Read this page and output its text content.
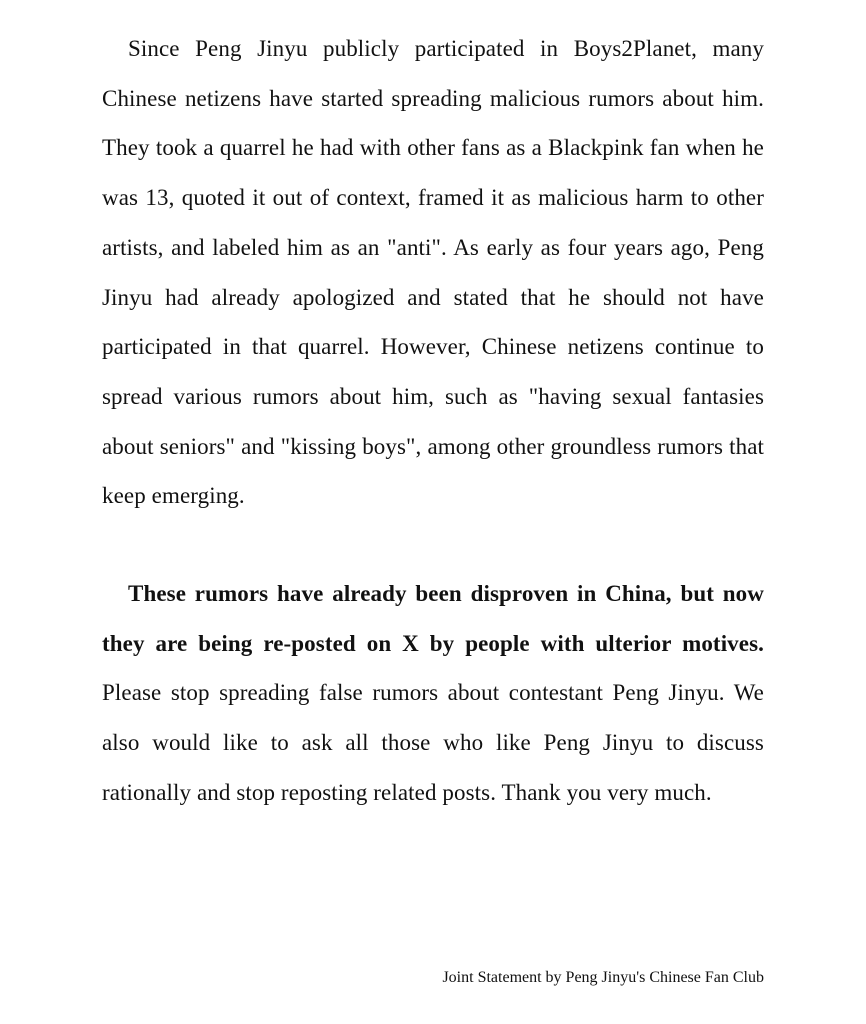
Since Peng Jinyu publicly participated in Boys2Planet, many Chinese netizens have started spreading malicious rumors about him. They took a quarrel he had with other fans as a Blackpink fan when he was 13, quoted it out of context, framed it as malicious harm to other artists, and labeled him as an "anti". As early as four years ago, Peng Jinyu had already apologized and stated that he should not have participated in that quarrel. However, Chinese netizens continue to spread various rumors about him, such as "having sexual fantasies about seniors" and "kissing boys", among other groundless rumors that keep emerging.

These rumors have already been disproven in China, but now they are being re-posted on X by people with ulterior motives. Please stop spreading false rumors about contestant Peng Jinyu. We also would like to ask all those who like Peng Jinyu to discuss rationally and stop reposting related posts. Thank you very much.

Joint Statement by Peng Jinyu's Chinese Fan Club
